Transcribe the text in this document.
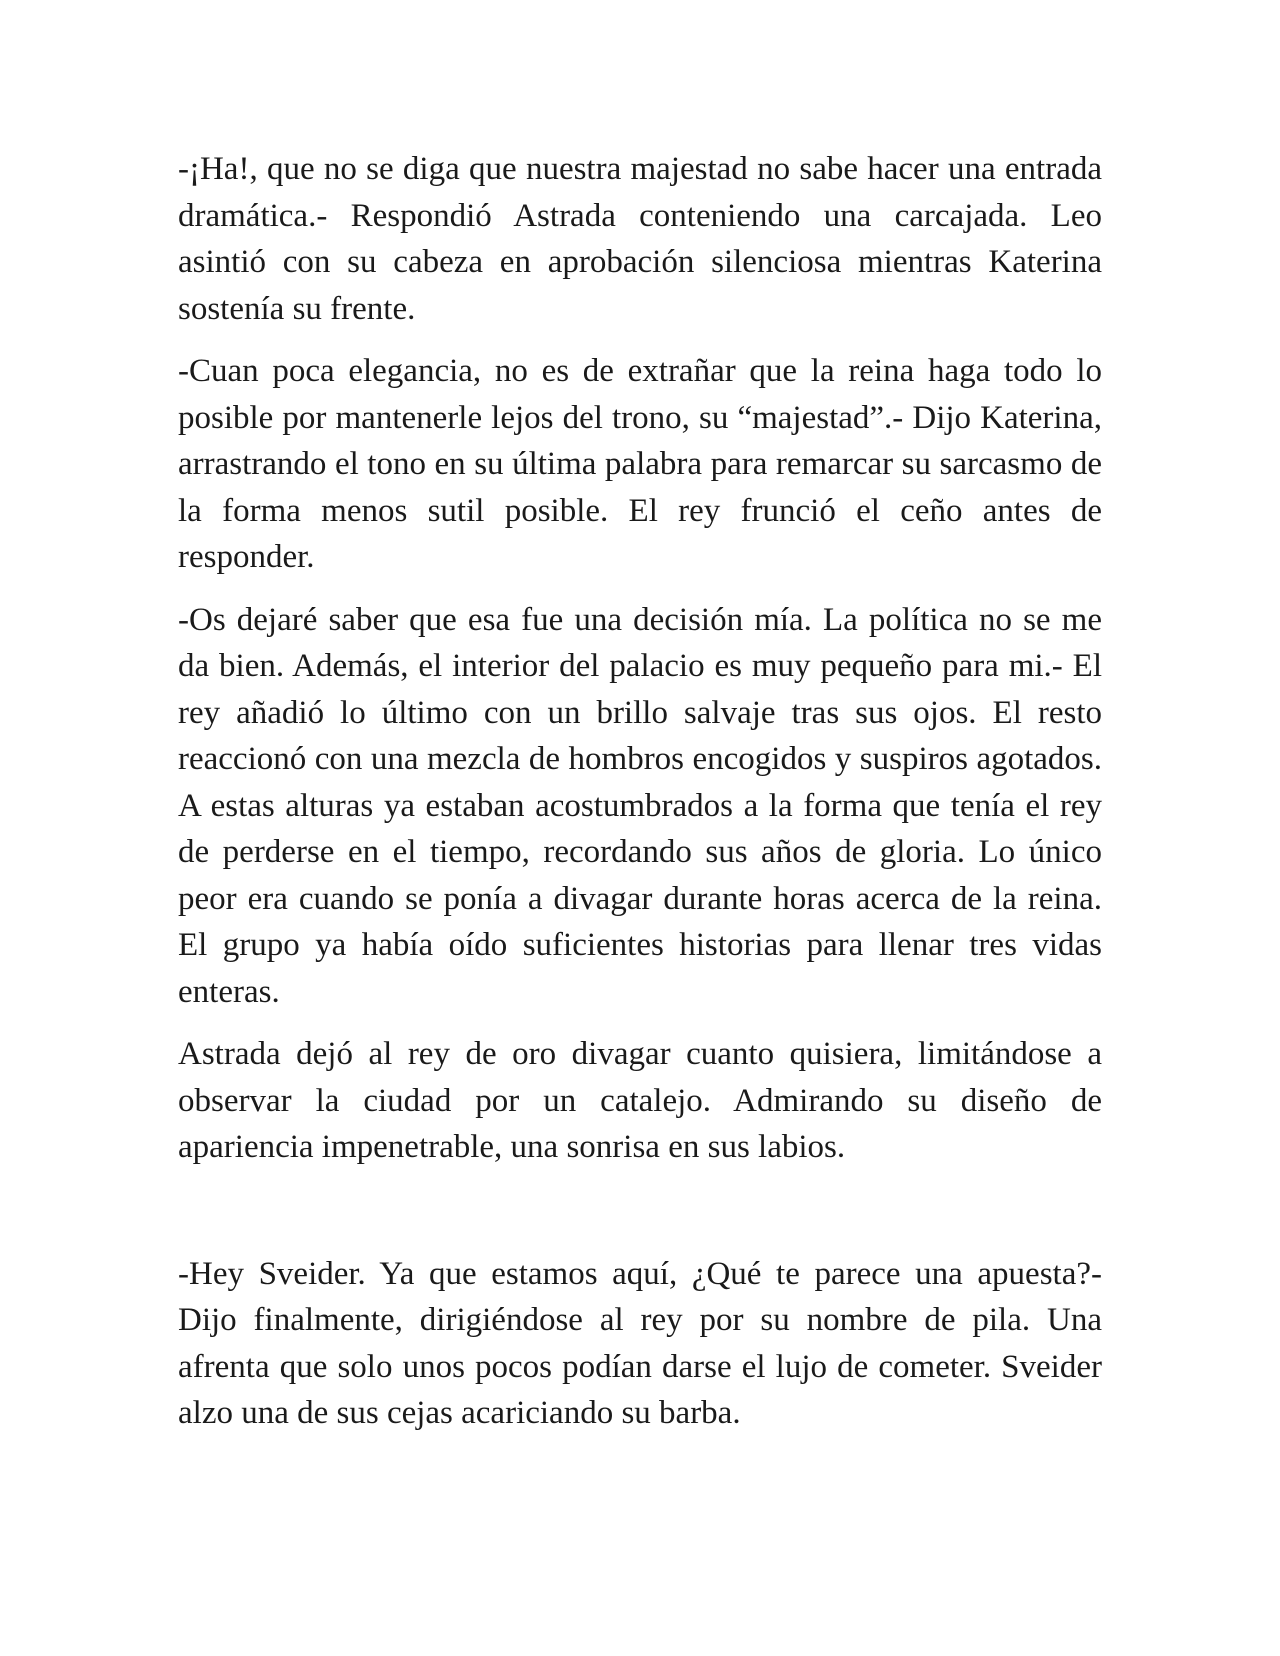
-¡Ha!, que no se diga que nuestra majestad no sabe hacer una entrada dramática.- Respondió Astrada conteniendo una carcajada. Leo asintió con su cabeza en aprobación silenciosa mientras Katerina sostenía su frente.

-Cuan poca elegancia, no es de extrañar que la reina haga todo lo posible por mantenerle lejos del trono, su “majestad”.- Dijo Katerina, arrastrando el tono en su última palabra para remarcar su sarcasmo de la forma menos sutil posible. El rey frunció el ceño antes de responder.

-Os dejaré saber que esa fue una decisión mía. La política no se me da bien. Además, el interior del palacio es muy pequeño para mi.- El rey añadió lo último con un brillo salvaje tras sus ojos. El resto reaccionó con una mezcla de hombros encogidos y suspiros agotados. A estas alturas ya estaban acostumbrados a la forma que tenía el rey de perderse en el tiempo, recordando sus años de gloria. Lo único peor era cuando se ponía a divagar durante horas acerca de la reina. El grupo ya había oído suficientes historias para llenar tres vidas enteras.

Astrada dejó al rey de oro divagar cuanto quisiera, limitándose a observar la ciudad por un catalejo. Admirando su diseño de apariencia impenetrable, una sonrisa en sus labios.

-Hey Sveider. Ya que estamos aquí, ¿Qué te parece una apuesta?- Dijo finalmente, dirigiéndose al rey por su nombre de pila. Una afrenta que solo unos pocos podían darse el lujo de cometer. Sveider alzo una de sus cejas acariciando su barba.
